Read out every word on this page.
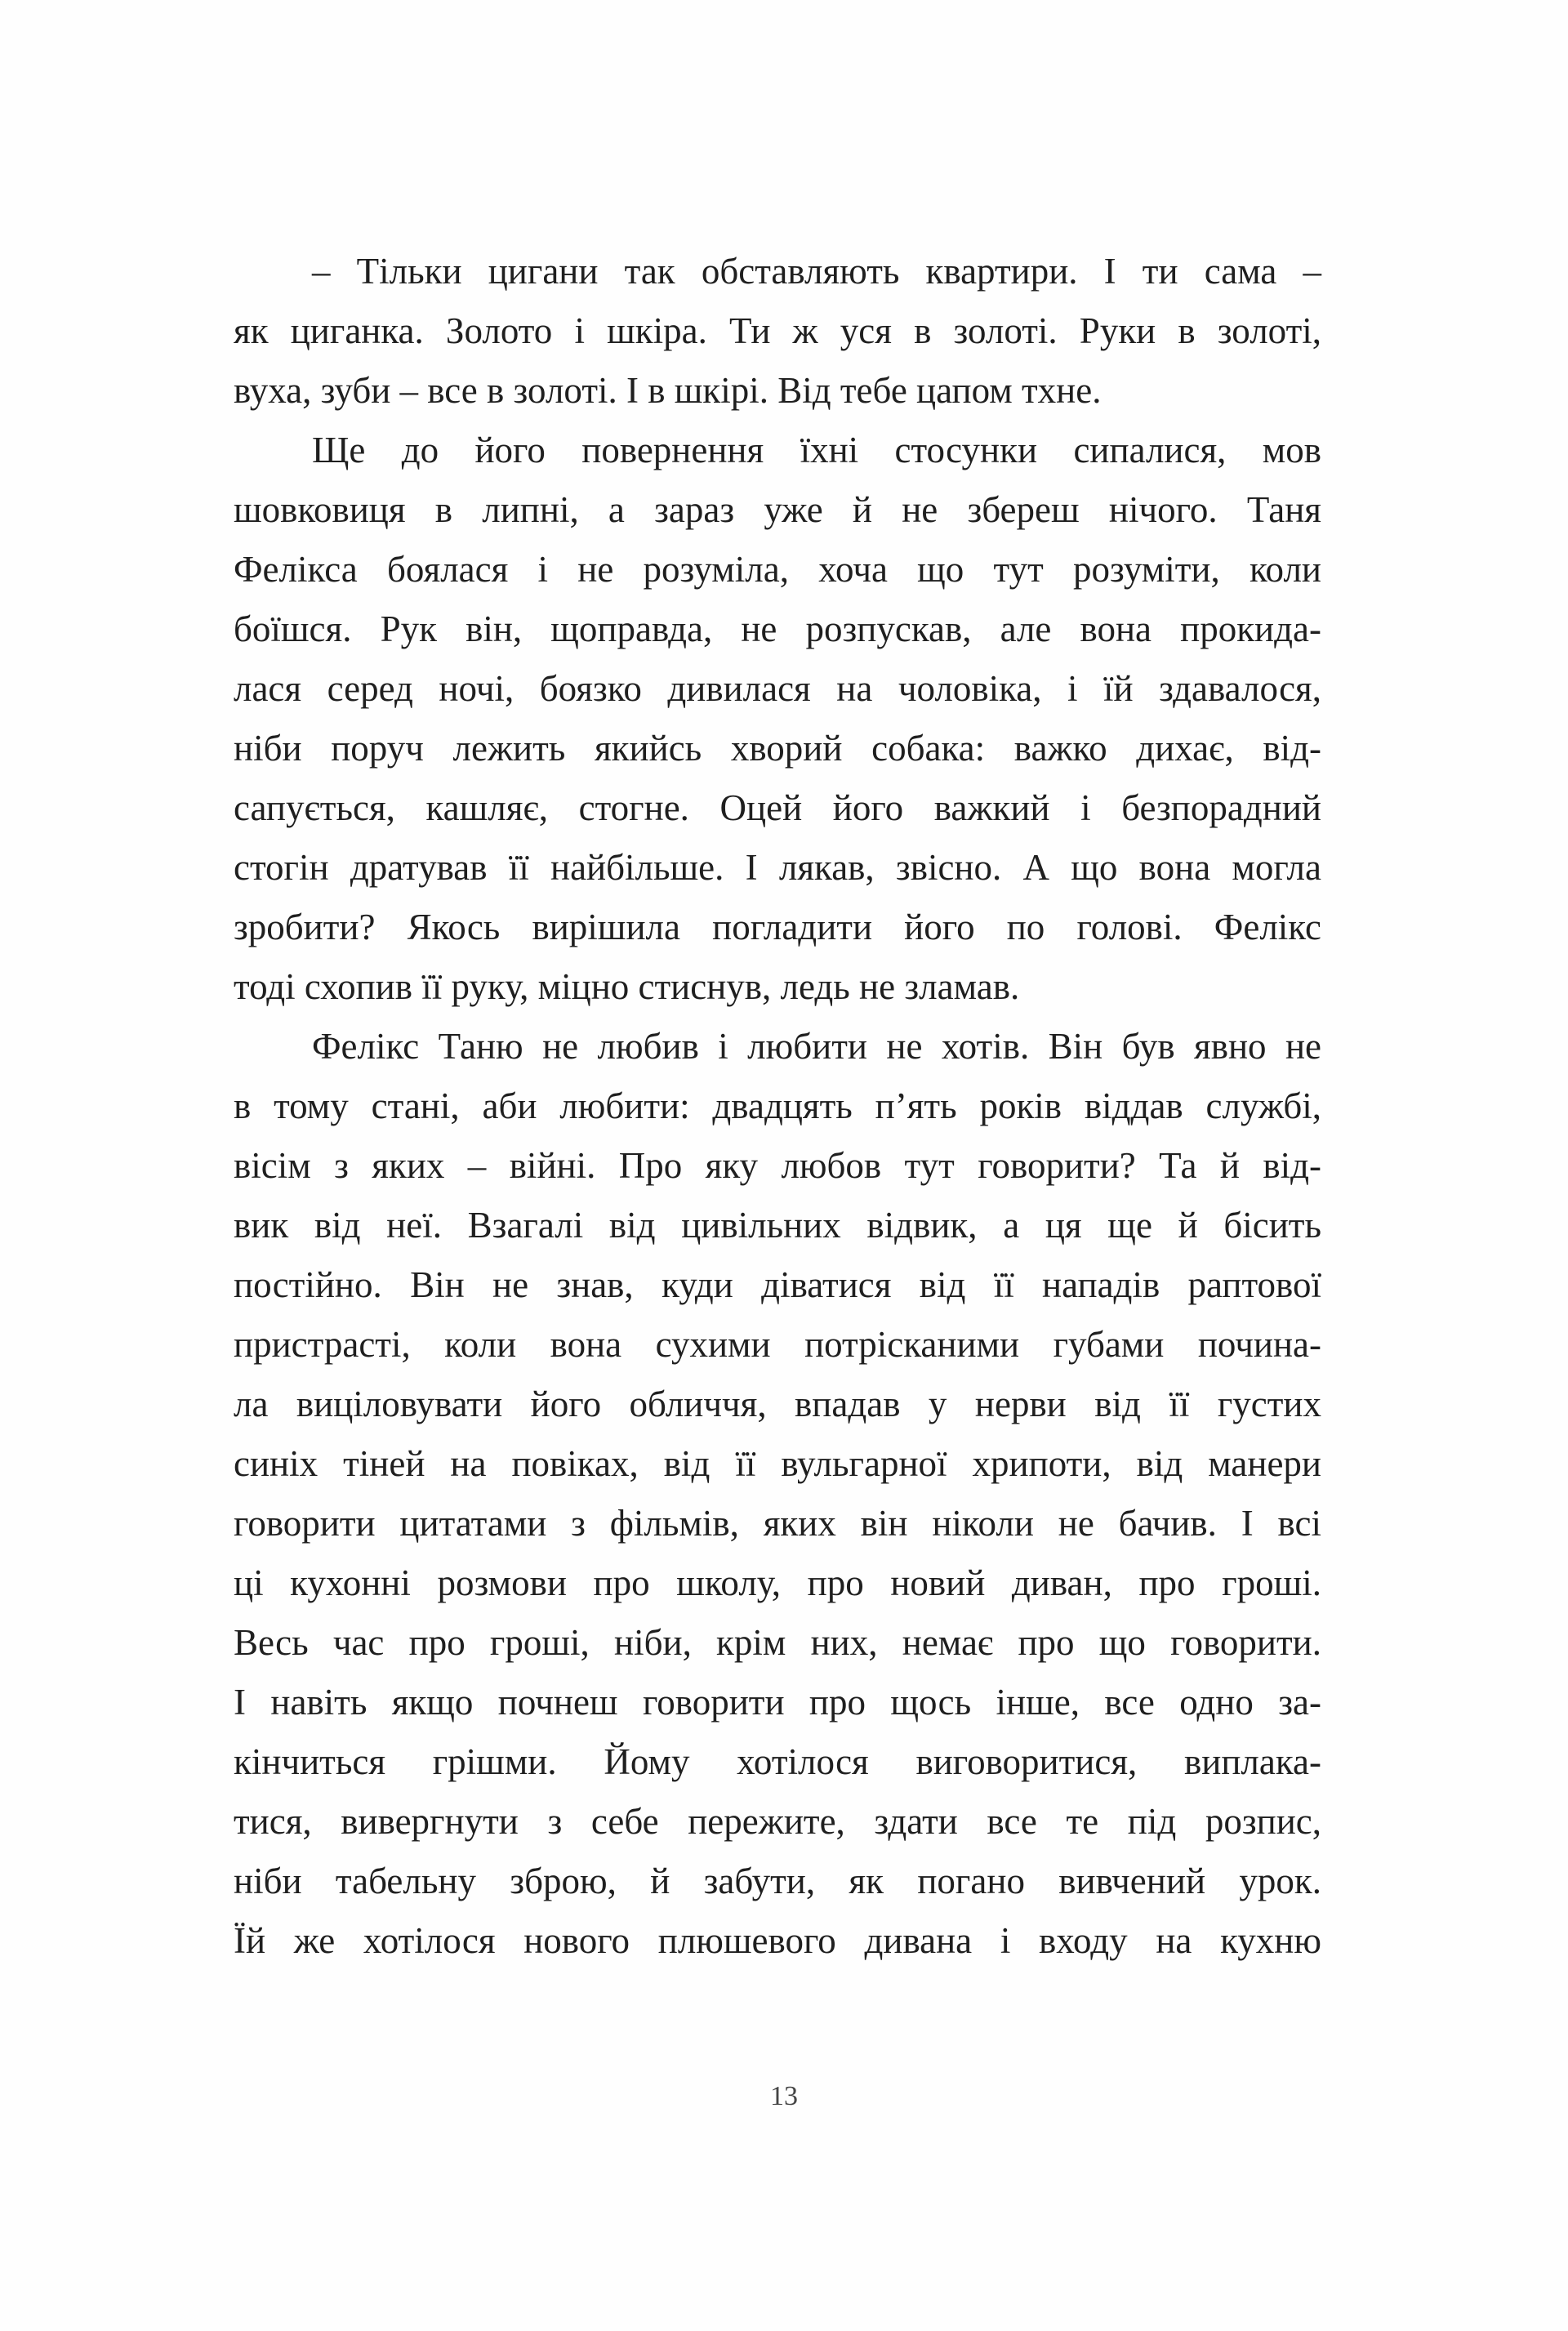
– Тільки цигани так обставляють квартири. І ти сама –
як циганка. Золото і шкіра. Ти ж уся в золоті. Руки в золоті,
вуха, зуби – все в золоті. І в шкірі. Від тебе цапом тхне.
Ще до його повернення їхні стосунки сипалися, мов
шовковиця в липні, а зараз уже й не збереш нічого. Таня
Фелікса боялася і не розуміла, хоча що тут розуміти, коли
боїшся. Рук він, щоправда, не розпускав, але вона прокида-
лася серед ночі, боязко дивилася на чоловіка, і їй здавалося,
ніби поруч лежить якийсь хворий собака: важко дихає, від-
сапується, кашляє, стогне. Оцей його важкий і безпорадний
стогін дратував її найбільше. І лякав, звісно. А що вона могла
зробити? Якось вирішила погладити його по голові. Фелікс
тоді схопив її руку, міцно стиснув, ледь не зламав.
Фелікс Таню не любив і любити не хотів. Він був явно не
в тому стані, аби любити: двадцять п’ять років віддав службі,
вісім з яких – війні. Про яку любов тут говорити? Та й від-
вик від неї. Взагалі від цивільних відвик, а ця ще й бісить
постійно. Він не знав, куди діватися від її нападів раптової
пристрасті, коли вона сухими потрісканими губами почина-
ла виціловувати його обличчя, впадав у нерви від її густих
синіх тіней на повіках, від її вульгарної хрипоти, від манери
говорити цитатами з фільмів, яких він ніколи не бачив. І всі
ці кухонні розмови про школу, про новий диван, про гроші.
Весь час про гроші, ніби, крім них, немає про що говорити.
І навіть якщо почнеш говорити про щось інше, все одно за-
кінчиться грішми. Йому хотілося виговоритися, виплака-
тися, вивергнути з себе пережите, здати все те під розпис,
ніби табельну зброю, й забути, як погано вивчений урок.
Їй же хотілося нового плюшевого дивана і входу на кухню
13
